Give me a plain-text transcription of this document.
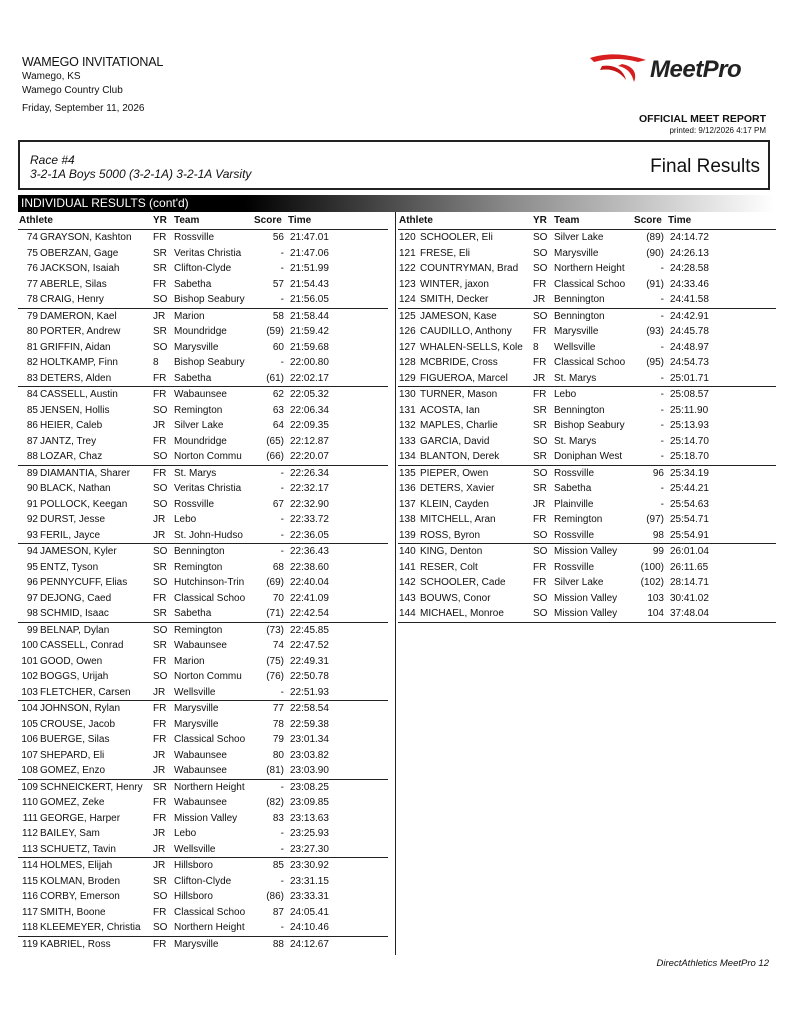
WAMEGO INVITATIONAL
Wamego, KS
Wamego Country Club
Friday, September 11, 2026
MeetPro
OFFICIAL MEET REPORT
printed: 9/12/2026 4:17 PM
Race #4
3-2-1A Boys 5000 (3-2-1A) 3-2-1A Varsity	Final Results
INDIVIDUAL RESULTS (cont'd)
Athlete	YR Team	Score Time
74 GRAYSON, Kashton FR Rossville	56 21:47.01
75 OBERZAN, Gage	SR Veritas Christia	- 21:47.06
76 JACKSON, Isaiah	SR Clifton-Clyde	- 21:51.99
77 ABERLE, Silas	FR Sabetha	57 21:54.43
78 CRAIG, Henry	SO Bishop Seabury	- 21:56.05
79 DAMERON, Kael	JR Marion	58 21:58.44
80 PORTER, Andrew	SR Moundridge	(59) 21:59.42
81 GRIFFIN, Aidan	SO Marysville	60 21:59.68
82 HOLTKAMP, Finn	8 Bishop Seabury	- 22:00.80
83 DETERS, Alden	FR Sabetha	(61) 22:02.17
84 CASSELL, Austin	FR Wabaunsee	62 22:05.32
85 JENSEN, Hollis	SO Remington	63 22:06.34
86 HEIER, Caleb	JR Silver Lake	64 22:09.35
87 JANTZ, Trey	FR Moundridge	(65) 22:12.87
88 LOZAR, Chaz	SO Norton Commu (66) 22:20.07
89 DIAMANTIA, Sharer FR St. Marys	- 22:26.34
90 BLACK, Nathan	SO Veritas Christia	- 22:32.17
91 POLLOCK, Keegan	SO Rossville	67 22:32.90
92 DURST, Jesse	JR Lebo	- 22:33.72
93 FERIL, Jayce	JR St. John-Hudso	- 22:36.05
94 JAMESON, Kyler	SO Bennington	- 22:36.43
95 ENTZ, Tyson	SR Remington	68 22:38.60
96 PENNYCUFF, Elias	SO Hutchinson-Trin (69) 22:40.04
97 DEJONG, Caed	FR Classical Schoo	70 22:41.09
98 SCHMID, Isaac	SR Sabetha	(71) 22:42.54
99 BELNAP, Dylan	SO Remington	(73) 22:45.85
100 CASSELL, Conrad	SR Wabaunsee	74 22:47.52
101 GOOD, Owen	FR Marion	(75) 22:49.31
102 BOGGS, Urijah	SO Norton Commu (76) 22:50.78
103 FLETCHER, Carsen JR Wellsville	- 22:51.93
104 JOHNSON, Rylan	FR Marysville	77 22:58.54
105 CROUSE, Jacob	FR Marysville	78 22:59.38
106 BUERGE, Silas	FR Classical Schoo	79 23:01.34
107 SHEPARD, Eli	JR Wabaunsee	80 23:03.82
108 GOMEZ, Enzo	JR Wabaunsee	(81) 23:03.90
109 SCHNEICKERT, Henry SR Northern Height	- 23:08.25
110 GOMEZ, Zeke	FR Wabaunsee	(82) 23:09.85
111 GEORGE, Harper	FR Mission Valley	83 23:13.63
112 BAILEY, Sam	JR Lebo	- 23:25.93
113 SCHUETZ, Tavin	JR Wellsville	- 23:27.30
114 HOLMES, Elijah	JR Hillsboro	85 23:30.92
115 KOLMAN, Broden	SR Clifton-Clyde	- 23:31.15
116 CORBY, Emerson	SO Hillsboro	(86) 23:33.31
117 SMITH, Boone	FR Classical Schoo	87 24:05.41
118 KLEEMEYER, Christia SO Northern Height	- 24:10.46
119 KABRIEL, Ross	FR Marysville	88 24:12.67
Athlete	YR Team	Score Time
120 SCHOOLER, Eli	SO Silver Lake	(89) 24:14.72
121 FRESE, Eli	SO Marysville	(90) 24:26.13
122 COUNTRYMAN, Brad SO Northern Height	- 24:28.58
123 WINTER, jaxon	FR Classical Schoo (91) 24:33.46
124 SMITH, Decker	JR Bennington	- 24:41.58
125 JAMESON, Kase	SO Bennington	- 24:42.91
126 CAUDILLO, Anthony FR Marysville	(93) 24:45.78
127 WHALEN-SELLS, Kole 8 Wellsville	- 24:48.97
128 MCBRIDE, Cross	FR Classical Schoo (95) 24:54.73
129 FIGUEROA, Marcel	JR St. Marys	- 25:01.71
130 TURNER, Mason	FR Lebo	- 25:08.57
131 ACOSTA, Ian	SR Bennington	- 25:11.90
132 MAPLES, Charlie	SR Bishop Seabury	- 25:13.93
133 GARCIA, David	SO St. Marys	- 25:14.70
134 BLANTON, Derek	SR Doniphan West	- 25:18.70
135 PIEPER, Owen	SO Rossville	96 25:34.19
136 DETERS, Xavier	SR Sabetha	- 25:44.21
137 KLEIN, Cayden	JR Plainville	- 25:54.63
138 MITCHELL, Aran	FR Remington	(97) 25:54.71
139 ROSS, Byron	SO Rossville	98 25:54.91
140 KING, Denton	SO Mission Valley	99 26:01.04
141 RESER, Colt	FR Rossville	(100) 26:11.65
142 SCHOOLER, Cade	FR Silver Lake	(102) 28:14.71
143 BOUWS, Conor	SO Mission Valley	103 30:41.02
144 MICHAEL, Monroe	SO Mission Valley	104 37:48.04
DirectAthletics MeetPro 12
